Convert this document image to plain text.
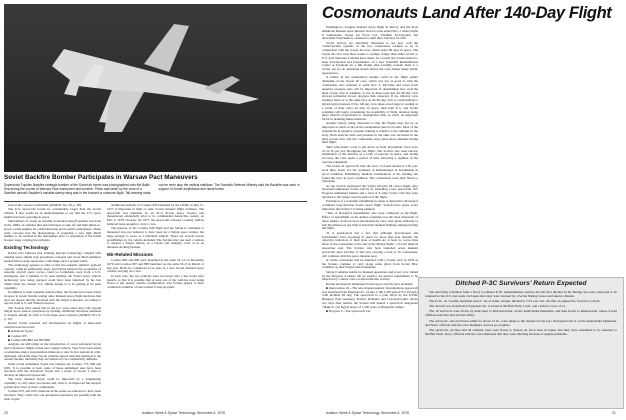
Soviet Backfire Bomber Participates in Warsaw Pact Maneuvers

Supersonic Tupolev Backfire strategic bomber of the Soviet air forces was photographed over the Baltic Sea during the course of Warsaw Pact maneuvers last summer. Photo was taken by the crew of a Swedish aircraft. Backfire's variable-sweep wing was in the forward or subsonic flight. Tail-warning radar can be seen atop the vertical stabilizer. The Swedish Defense Ministry said the Backfire was used in support of Soviet amphibious and naval forces.

look at the concept worthwhile (AW&ST Jan. 30, p. 58).

The U.S. spacecraft would be considerably larger than the Soviet vehicle. It also would be an understatement to say that the U.S. space shuttle has been operating in space.

Substantial U.S. study on reusable horizontal takeoff systems was done in the 1960s on vehicles that used turbojets to take off and high-thrust-to-power rocket engines for orbital insertion above earth's atmosphere. These early concepts had the disadvantage of requiring a very high Mach number to be reached in the atmosphere prior to separation of the initial booster stage carrying the turbojets.

Existing Technology

NASA now believes that existing turbojet technology coupled with existing space shuttle type propulsion concepts and lower Mach numbers needed before stage separation could make such a system viable.

The technology appears to exist so that the reusable vehicle's payload capacity could be sufficiently large, and NASA believes the economics of reusable aircraft space access could be formidable even from a U.S. standpoint, and it remains to be seen whether the Soviet space vehicle technology now being pursued could have been launched by the late 1960s when the current U.S. shuttle design is to be getting at its peak capability.

In addition to their reusable vehicle effort, the Soviets have been active in space in recent months testing other manned space flight hardware that does not appear directly involved with the Salyut 6 mission, according to reports from U.S. and Western sources.

The Soviets have stated that in the two years since they will expand Salyut space station operations by docking additional structural elements to Salyuts already in orbit to form larger space stations (AW&ST Oct. 9, p. 35).

Recent Soviet research and development on flights of man-rated vehicles have involved:

■ Advanced Soyuz.

■ Cosmos 937.

■ Cosmos 881/882 and 997/998.

Analysts are still ruling on the introduction of a new Advanced Soyuz and at Komarov flights in that new winged vehicle. They have been slated to undertake major long-duration missions to new Soviet stations in orbit. Although outwardly these Soyuz vehicles appear basically identical to the current models, internally they are believed to be considerably different.

Some recent unmanned Soyuz test vehicles are Cosmos 772, 869 and 1001. It is possible at least some of these unmanned tests have been involved with the Advanced Soyuz and a series of Soyuz T tests to develop an improved spacecraft.

The basic manned Soyuz could be improved by a lengthening capability to carry more provisions and, with it, an improved life support system and crews of three cosmonauts.

Cosmos 937 and 1001 missions in the series are believed to have been involved. They could carry out automated operations not possible with the basic Soyuz.

Additional analysis of Cosmos 929 launched by the USSR on July 17, 1977 is important in light of other Soviet manned flight activities. The spacecraft was launched by an SL-9 Proton heavy booster and maneuvered extensively prior to its commanded destructive reentry on Feb. 2, 1978. On Aug. 18, 1977, the spacecraft released a reentry vehicle believed large enough to carry a crew.

The purpose of the Cosmos 929 flight and the Salyut it continued to maneuver was not believed to have been for a Salyut space station, but large enough to serve as a habitable vehicle. There are several reason possibilities for the vehicle included: The Soviets may use such a vehicle to support a Salyut station, as a rescue and resupply craft, or as an alternate docking module.

Mir-Related Missions

Cosmos 881 and 882 were launched in the same SL-14 on December 1976 and Cosmos 997 and 998 launched on the same SL-8 in March of last year. Both are considered to be tests of a new Soviet manned space vehicle carrying two crew.

In each case, the two vehicles were recovered only a few hours after launch, so that it is possible that at least one of the vehicles were being flown to test reentry vehicle configuration. The Soviets appear to have conducted a number of tests related to this program.

Cosmonauts Land After 140-Day Flight

Washington—Longest manned space flight in history and the most ambitious Russian space mission flown to date ended Nov. 2 when Salyut 6 cosmonauts, Soviet Air Force Col. Vladimir Kovalyonok and Alexander Ivanchenkov, returned to earth after 140 days in orbit.

Soviet doctors are extremely interested to see how well the cardiovascular systems of the two cosmonauts readjust to 1g in comparison with the Soyuz 26 crew, which spent 96 days in space. The Soyuz 26 crew took three weeks to readapt, longer than either Soviet or U.S. data indicated it should have taken. As a result, the Soviets intend to keep Kovalyonok and Ivanchenkov on a new Scientific Rehabilitation Center at Tyuratam for a full month, then possibly transfer them to a Soviet spa for an additional month before the crew makes many public appearances.

A failure in the readaptation studies could be the flight earlier discipline of the Soyuz 26 crew, which was not as good as with the cosmonauts who returned to earth Nov. 2. Tilt-table and lower body negative pressure tests will be important in determining how well the most recent crew is adapting. It was in these tests that the 96-day crew showed somewhat slower progress than expected. If the 140-day crew readapts faster or at the same pace as the 96-day crew, it could indicate a physiological plateau. If the 140-day crew takes even longer to readapt as a result of their extra 44 days in space, then both U.S. and Soviet scientists will begin considering the possibility of flight duration being more directly proportional to readaptation time on earth, an important factor in planning future missions.

Another theory being discussed is that the flights may not be as important as what occurs in the readaptation period on earth. Most of the adaptations in negative pressure training is relative to the stimulus in the body. Both exercise time and pressure in the suits was increased in the most recent crew, and the cosmonauts were given more stimulus during their flight.

Suits with elastic cords to put stress on body movements were worn 10-12 hr per day throughout the flight. The Soviets also used electric stimulation of the muscles as a form of exercise in space, and during recovery the crew spent a period of time following a regimen of the exercise equipment.

The Soyuz 31 spacecraft with the crew on board landed at 2:05 p.m. local time, about 112 mi. southeast of Dzhezkazgan in Kazakhstan in good condition. Preliminary medical examinations at the landing site found the crew in good condition. The cosmonauts were then flown to Tyuratam.

As the Soviets monitored the Salyut 6/Soyuz 29 crew's flight, they increased unmanned Soviet activity by launching a new spacecraft, five Progress unmanned tankers and a total of 6 other Soviet craft that were attached to the Salyut over the period of the flight.

Formation of a scientific-rehabilitation center at Tyuratam will support continued long-duration Soviet space flight. Soviets have given every indication that Salyut 7 is being planned.

"Tens of biological experiments" also were conducted on the flight. Effect of spaceflight on the human organism was the most important of these studies. Soviet doctors monitoring the crew were given authority to halt the mission at any time if abnormal medical findings emerged during the flight.

"It is paradoxical but a fact that although Kovalyonok and Ivanchenkov have [worked] in space for more than four months, the objective indicators of their state of health are at least no worse than those of the cosmonauts at the end of the 96-day flight," a Soviet medical researcher said. The Soviets, who have launched seven manned spacecraft since October of last year carrying a total of 16 cosmonauts, will continue with this space mission pace.

A Cuban cosmonaut will be launched with a Soviet crew in 1979 as the Soviets continue to carry along some pilots from Soviet Bloc countries on their Salyut station missions.

Salyut 6 remains usable for manned operations and is not to be visited by the Progress 4 tanker. On its exterior are several experiments to be retrieved by a future crew on extravehicular activity.

Recent increases in unmanned Soviet space activity have included:

■ Intercosmos 18—The new magnetospheric investigations spacecraft was launched from Plesetsk Oct. 24 into a 766 x 407-km (475 x 253-mi.) orbit inclined 83 deg. The spacecraft is a joint effort by the USSR, Hungary, East Germany, Poland, Romania and Czechoslovakia. About two days after launch, the Soviets will launch a spacecraft designated "Magion" (10 Kg) in honor of 1,500 years of Bulgarian culture.

■ Progress 5—The spacecraft was

Ditched P-3C Survivors' Return Expected

Ten surviving crewmen from a Navy Lockheed P-3C antisubmarine warfare aircraft that ditched in the Bering Sea were expected to be returned to the U.S. last week via Japan after they were rescued by a Soviet fishing vessel and taken to Russia.

The P-3C, on "routine maritime patrol" out of Adak, Alaska, ditched at 7:35 a.m. Oct. 26 after an engine fire forced it to ditch.

The aircraft was from Patrol Squadron No. 9, based at Moffett Field, Calif., and carried a crew of 15.

The 10 survivors were flown by helicopter to Petropavlovsk, on the Kamchatka Peninsula, and then flown to Khabarovsk, where Soviet officials said they had arrived safely.

The survivors, who had been adrift for about 12 hr., were taken to the nearest Soviet port. Petropavlovsk is on the Kamchatka Peninsula, and Navy officials said the crew members were in good spirits.

The survivors, all men and all enlisted, later were flown to Yokota air force base in Japan, and they were scheduled to be returned to Moffett Field. Navy officials said the crew indicated that they were ditching because of engine problems.

20	Aviation Week & Space Technology, November 6, 1978	Aviation Week & Space Technology, November 6, 1978	21
